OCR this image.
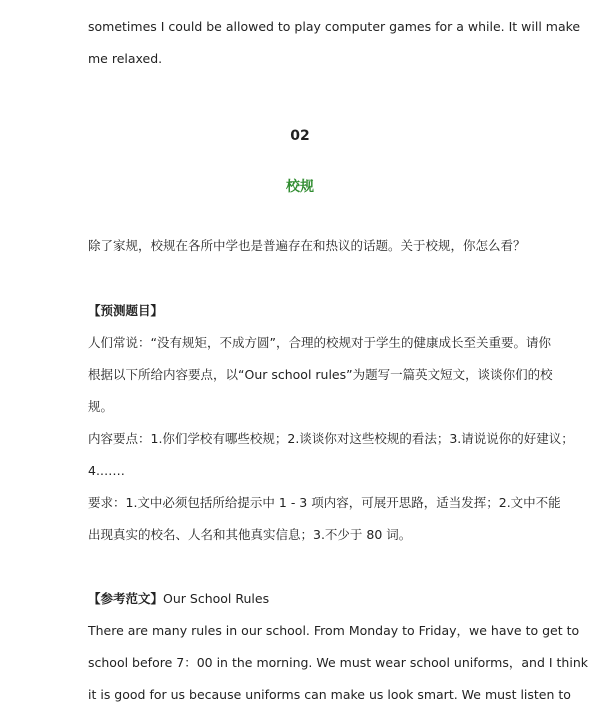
sometimes I could be allowed to play computer games for a while. It will make
me relaxed.
02
校规
除了家规，校规在各所中学也是普遍存在和热议的话题。关于校规，你怎么看？
【预测题目】
人们常说：“没有规矩，不成方圆”，合理的校规对于学生的健康成长至关重要。请你
根据以下所给内容要点，以“Our school rules”为题写一篇英文短文，谈谈你们的校
规。
内容要点：1.你们学校有哪些校规；2.谈谈你对这些校规的看法；3.请说说你的好建议；
4.……
要求：1.文中必须包括所给提示中 1 - 3 项内容，可展开思路，适当发挥；2.文中不能
出现真实的校名、人名和其他真实信息；3.不少于 80 词。
【参考范文】Our School Rules
There are many rules in our school. From Monday to Friday，we have to get to
school before 7：00 in the morning. We must wear school uniforms，and I think
it is good for us because uniforms can make us look smart. We must listen to
